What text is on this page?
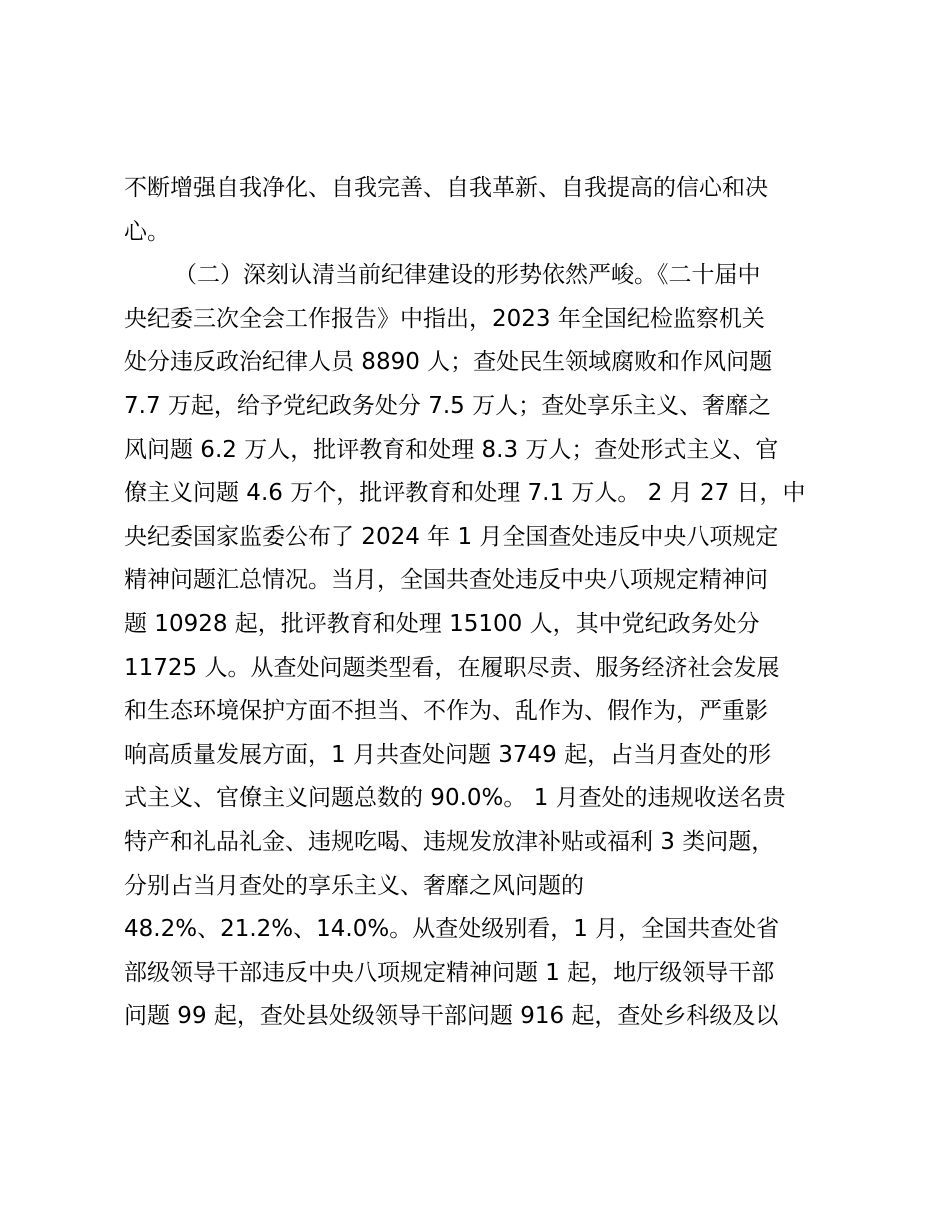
不断增强自我净化、自我完善、自我革新、自我提高的信心和决
心。
（二）深刻认清当前纪律建设的形势依然严峻。《二十届中
央纪委三次全会工作报告》中指出，2023 年全国纪检监察机关
处分违反政治纪律人员 8890 人；查处民生领域腐败和作风问题
7.7 万起，给予党纪政务处分 7.5 万人；查处享乐主义、奢靡之
风问题 6.2 万人，批评教育和处理 8.3 万人；查处形式主义、官
僚主义问题 4.6 万个，批评教育和处理 7.1 万人。 2 月 27 日，中
央纪委国家监委公布了 2024 年 1 月全国查处违反中央八项规定
精神问题汇总情况。当月，全国共查处违反中央八项规定精神问
题 10928 起，批评教育和处理 15100 人，其中党纪政务处分
11725 人。从查处问题类型看，在履职尽责、服务经济社会发展
和生态环境保护方面不担当、不作为、乱作为、假作为，严重影
响高质量发展方面，1 月共查处问题 3749 起，占当月查处的形
式主义、官僚主义问题总数的 90.0%。 1 月查处的违规收送名贵
特产和礼品礼金、违规吃喝、违规发放津补贴或福利 3 类问题，
分别占当月查处的享乐主义、奢靡之风问题的
48.2%、21.2%、14.0%。从查处级别看，1 月，全国共查处省
部级领导干部违反中央八项规定精神问题 1 起，地厅级领导干部
问题 99 起，查处县处级领导干部问题 916 起，查处乡科级及以
